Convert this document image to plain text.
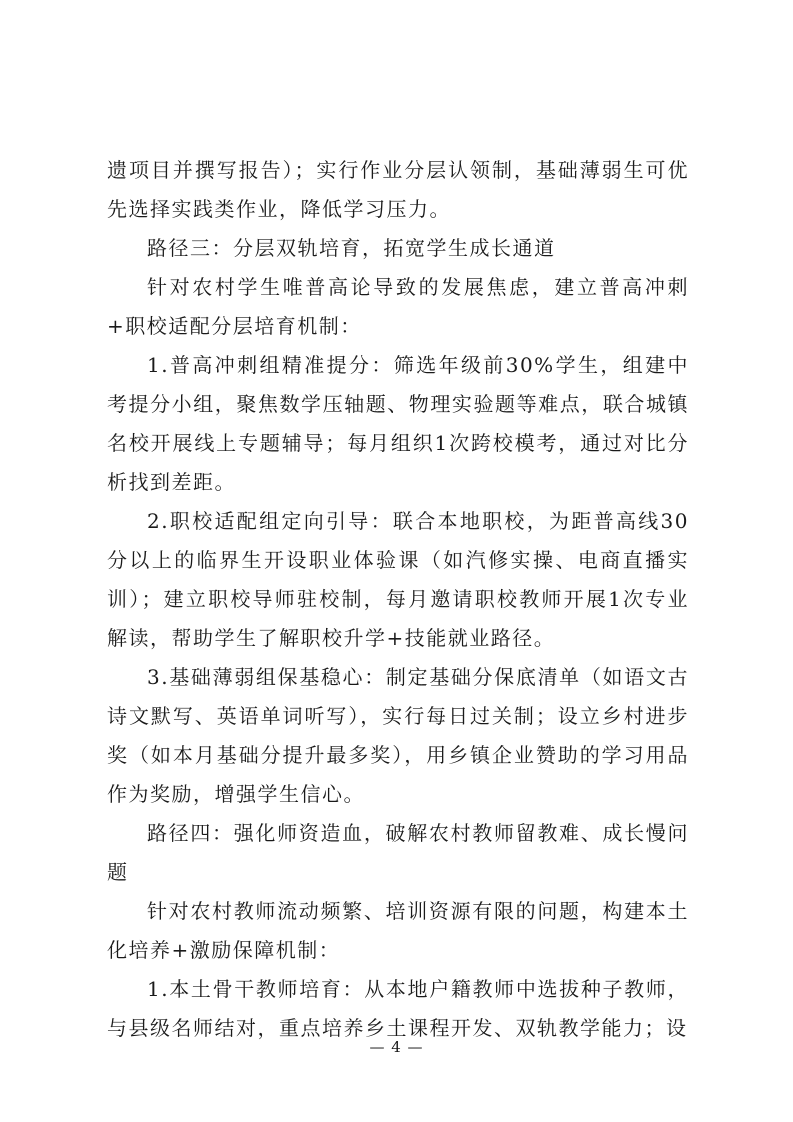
遗项目并撰写报告）；实行作业分层认领制，基础薄弱生可优先选择实践类作业，降低学习压力。

路径三：分层双轨培育，拓宽学生成长通道

针对农村学生唯普高论导致的发展焦虑，建立普高冲刺+职校适配分层培育机制：

1.普高冲刺组精准提分：筛选年级前30%学生，组建中考提分小组，聚焦数学压轴题、物理实验题等难点，联合城镇名校开展线上专题辅导；每月组织1次跨校模考，通过对比分析找到差距。

2.职校适配组定向引导：联合本地职校，为距普高线30分以上的临界生开设职业体验课（如汽修实操、电商直播实训）；建立职校导师驻校制，每月邀请职校教师开展1次专业解读，帮助学生了解职校升学+技能就业路径。

3.基础薄弱组保基稳心：制定基础分保底清单（如语文古诗文默写、英语单词听写），实行每日过关制；设立乡村进步奖（如本月基础分提升最多奖），用乡镇企业赞助的学习用品作为奖励，增强学生信心。

路径四：强化师资造血，破解农村教师留教难、成长慢问题

针对农村教师流动频繁、培训资源有限的问题，构建本土化培养+激励保障机制：

1.本土骨干教师培育：从本地户籍教师中选拔种子教师，与县级名师结对，重点培养乡土课程开发、双轨教学能力；设

— 4 —
